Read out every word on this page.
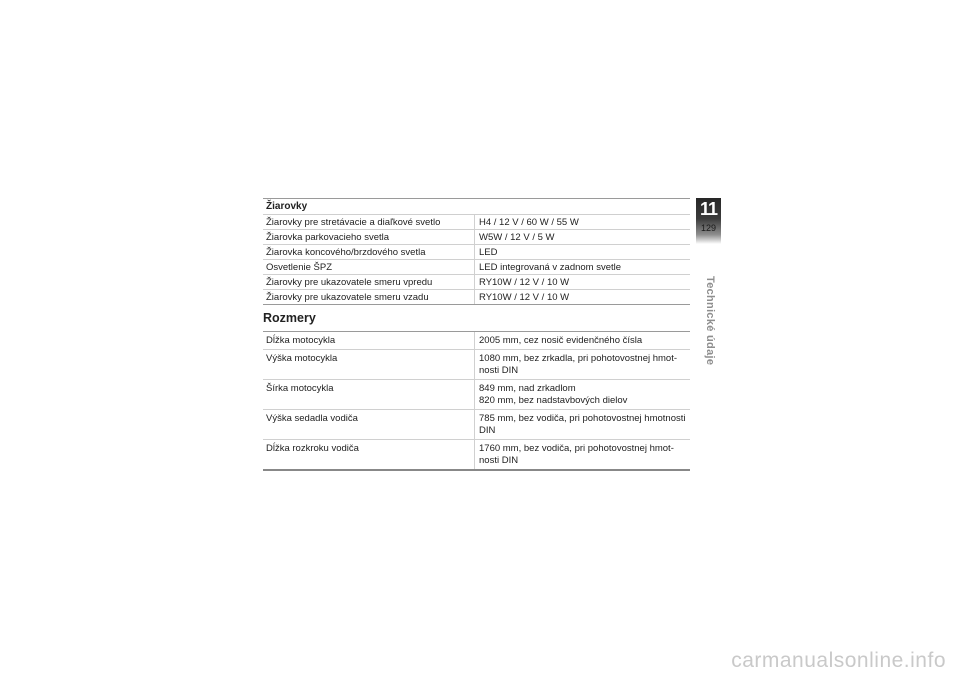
Žiarovky
Žiarovky pre stretávacie a diaľkové svetlo	H4 / 12 V / 60 W / 55 W
Žiarovka parkovacieho svetla	W5W / 12 V / 5 W
Žiarovka koncového/brzdového svetla	LED
Osvetlenie ŠPZ	LED integrovaná v zadnom svetle
Žiarovky pre ukazovatele smeru vpredu	RY10W / 12 V / 10 W
Žiarovky pre ukazovatele smeru vzadu	RY10W / 12 V / 10 W
Rozmery
Dĺžka motocykla	2005 mm, cez nosič evidenčného čísla
Výška motocykla	1080 mm, bez zrkadla, pri pohotovostnej hmot-
nosti DIN
Šírka motocykla	849 mm, nad zrkadlom
820 mm, bez nadstavbových dielov
Výška sedadla vodiča	785 mm, bez vodiča, pri pohotovostnej hmotnosti
DIN
Dĺžka rozkroku vodiča	1760 mm, bez vodiča, pri pohotovostnej hmot-
nosti DIN
11
129
Technické údaje
carmanualsonline.info
